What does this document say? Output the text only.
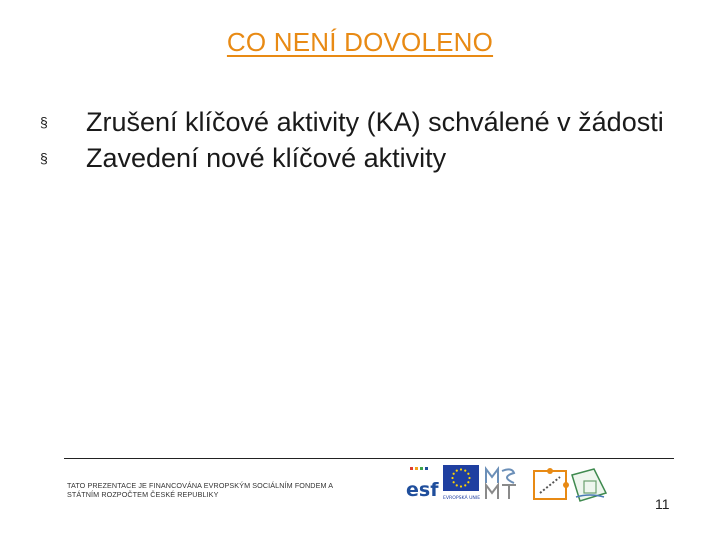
CO NENÍ DOVOLENO
§	Zrušení klíčové aktivity (KA) schválené v žádosti
§	Zavedení nové klíčové aktivity
TATO PREZENTACE JE FINANCOVÁNA EVROPSKÝM SOCIÁLNÍM FONDEM A STÁTNÍM ROZPOČTEM ČESKÉ REPUBLIKY	esf EVROPSKÁ UNIE	11
